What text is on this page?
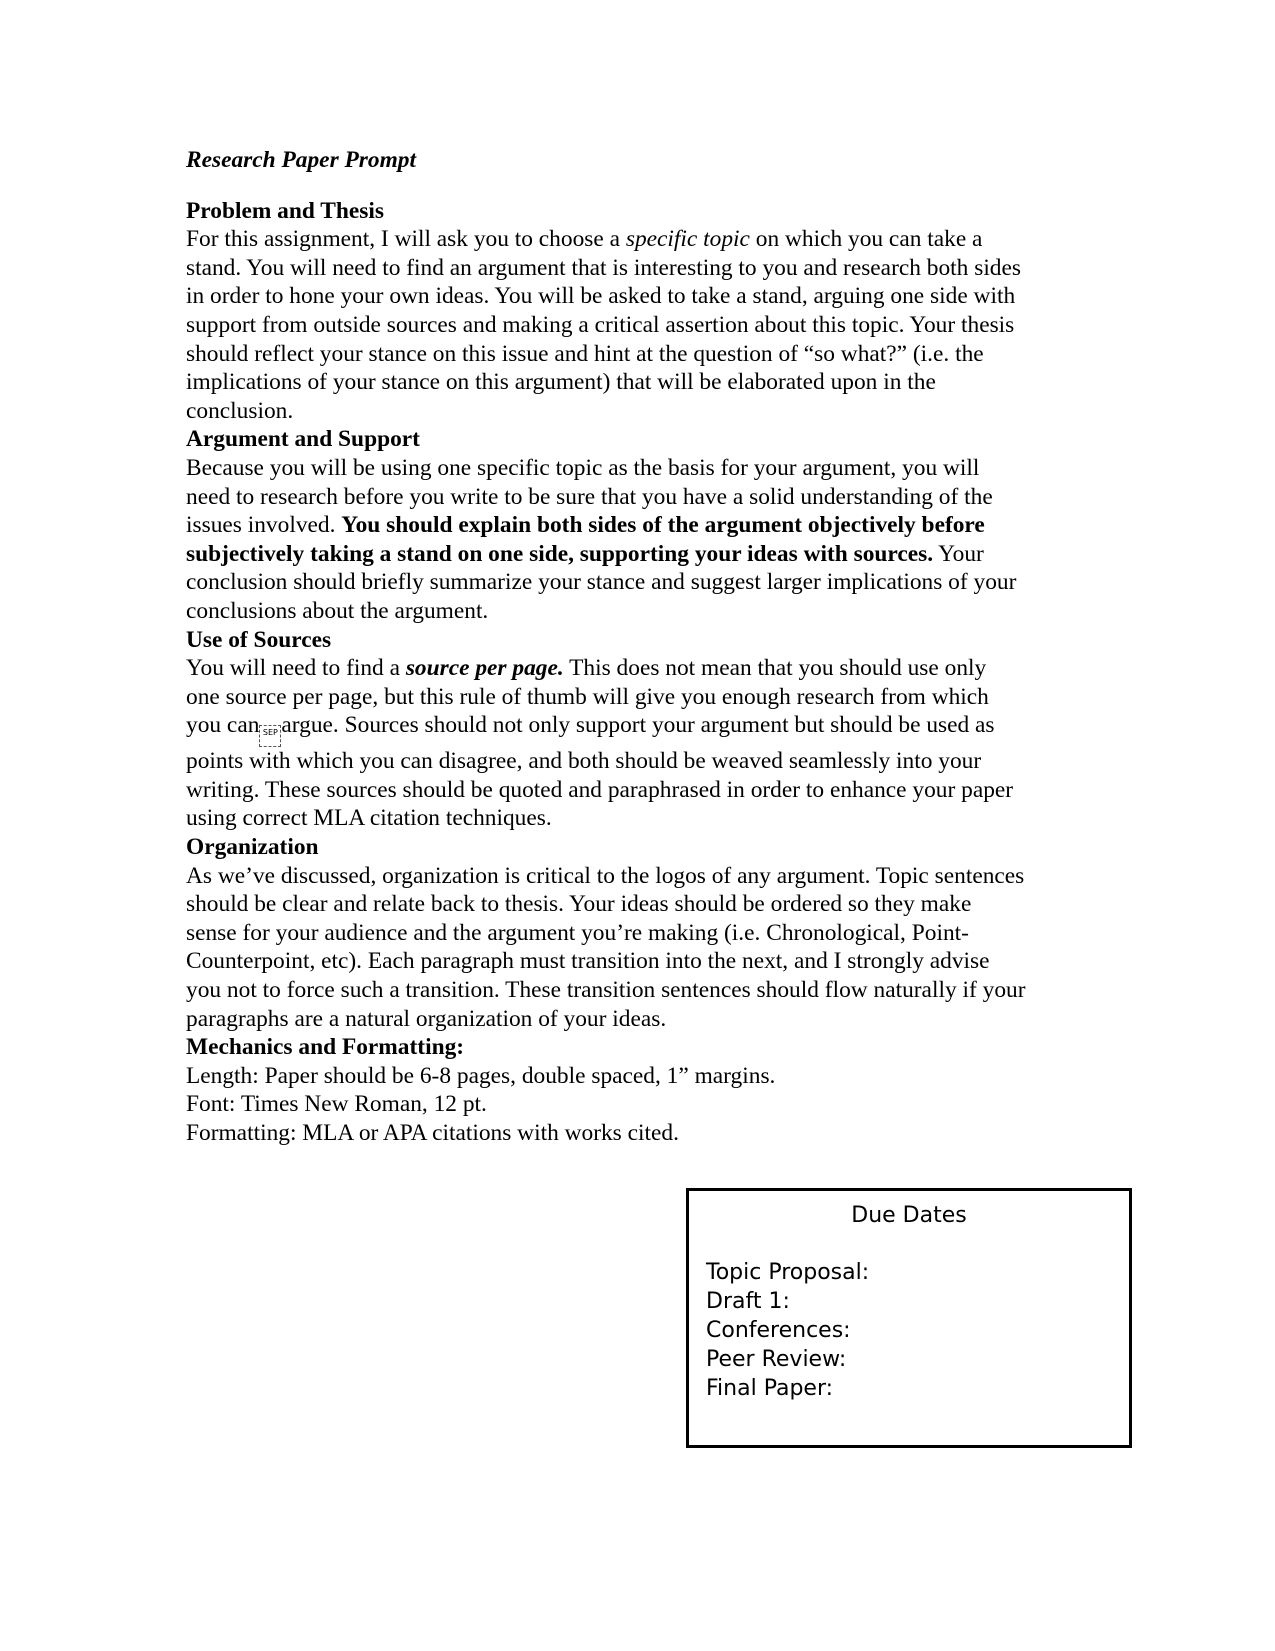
Research Paper Prompt

Problem and Thesis

For this assignment, I will ask you to choose a specific topic on which you can take a
stand. You will need to find an argument that is interesting to you and research both sides
in order to hone your own ideas. You will be asked to take a stand, arguing one side with
support from outside sources and making a critical assertion about this topic. Your thesis
should reflect your stance on this issue and hint at the question of “so what?” (i.e. the
implications of your stance on this argument) that will be elaborated upon in the
conclusion.

Argument and Support

Because you will be using one specific topic as the basis for your argument, you will
need to research before you write to be sure that you have a solid understanding of the
issues involved. You should explain both sides of the argument objectively before
subjectively taking a stand on one side, supporting your ideas with sources. Your
conclusion should briefly summarize your stance and suggest larger implications of your
conclusions about the argument.

Use of Sources

You will need to find a source per page. This does not mean that you should use only
one source per page, but this rule of thumb will give you enough research from which
you can SEP argue. Sources should not only support your argument but should be used as
points with which you can disagree, and both should be weaved seamlessly into your
writing. These sources should be quoted and paraphrased in order to enhance your paper
using correct MLA citation techniques.

Organization

As we’ve discussed, organization is critical to the logos of any argument. Topic sentences
should be clear and relate back to thesis. Your ideas should be ordered so they make
sense for your audience and the argument you’re making (i.e. Chronological, Point-
Counterpoint, etc). Each paragraph must transition into the next, and I strongly advise
you not to force such a transition. These transition sentences should flow naturally if your
paragraphs are a natural organization of your ideas.

Mechanics and Formatting:

Length: Paper should be 6-8 pages, double spaced, 1” margins.
Font: Times New Roman, 12 pt.
Formatting: MLA or APA citations with works cited.

Due Dates
Topic Proposal:
Draft 1:
Conferences:
Peer Review:
Final Paper:
